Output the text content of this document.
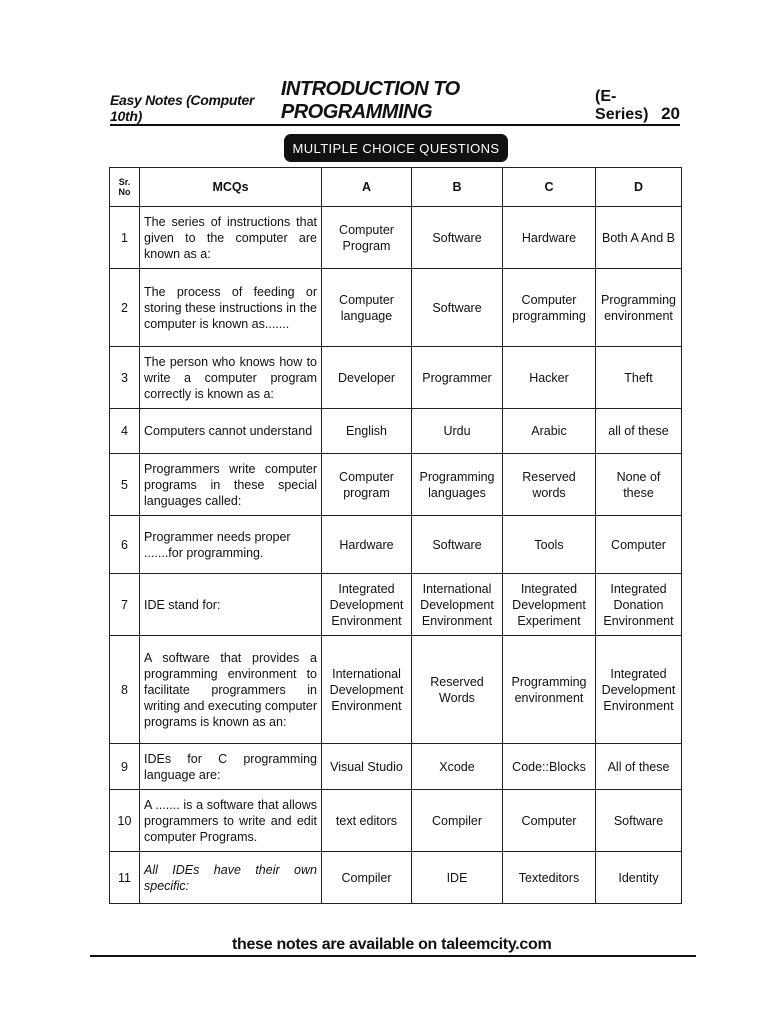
Easy Notes (Computer 10th)
INTRODUCTION TO PROGRAMMING
(E-Series) 20
MULTIPLE CHOICE QUESTIONS
Sr. No	MCQs	A	B	C	D
1	The series of instructions that given to the computer are known as a:	Computer Program	Software	Hardware	Both A And B
2	The process of feeding or storing these instructions in the computer is known as.......	Computer language	Software	Computer programming	Programming environment
3	The person who knows how to write a computer program correctly is known as a:	Developer	Programmer	Hacker	Theft
4	Computers cannot understand	English	Urdu	Arabic	all of these
5	Programmers write computer programs in these special languages called:	Computer program	Programming languages	Reserved words	None of these
6	Programmer needs proper .......for programming.	Hardware	Software	Tools	Computer
7	IDE stand for:	Integrated Development Environment	International Development Environment	Integrated Development Experiment	Integrated Donation Environment
8	A software that provides a programming environment to facilitate programmers in writing and executing computer programs is known as an:	International Development Environment	Reserved Words	Programming environment	Integrated Development Environment
9	IDEs for C programming language are:	Visual Studio	Xcode	Code::Blocks	All of these
10	A ....... is a software that allows programmers to write and edit computer Programs.	text editors	Compiler	Computer	Software
11	All IDEs have their own specific:	Compiler	IDE	Texteditors	Identity
these notes are available on taleemcity.com
